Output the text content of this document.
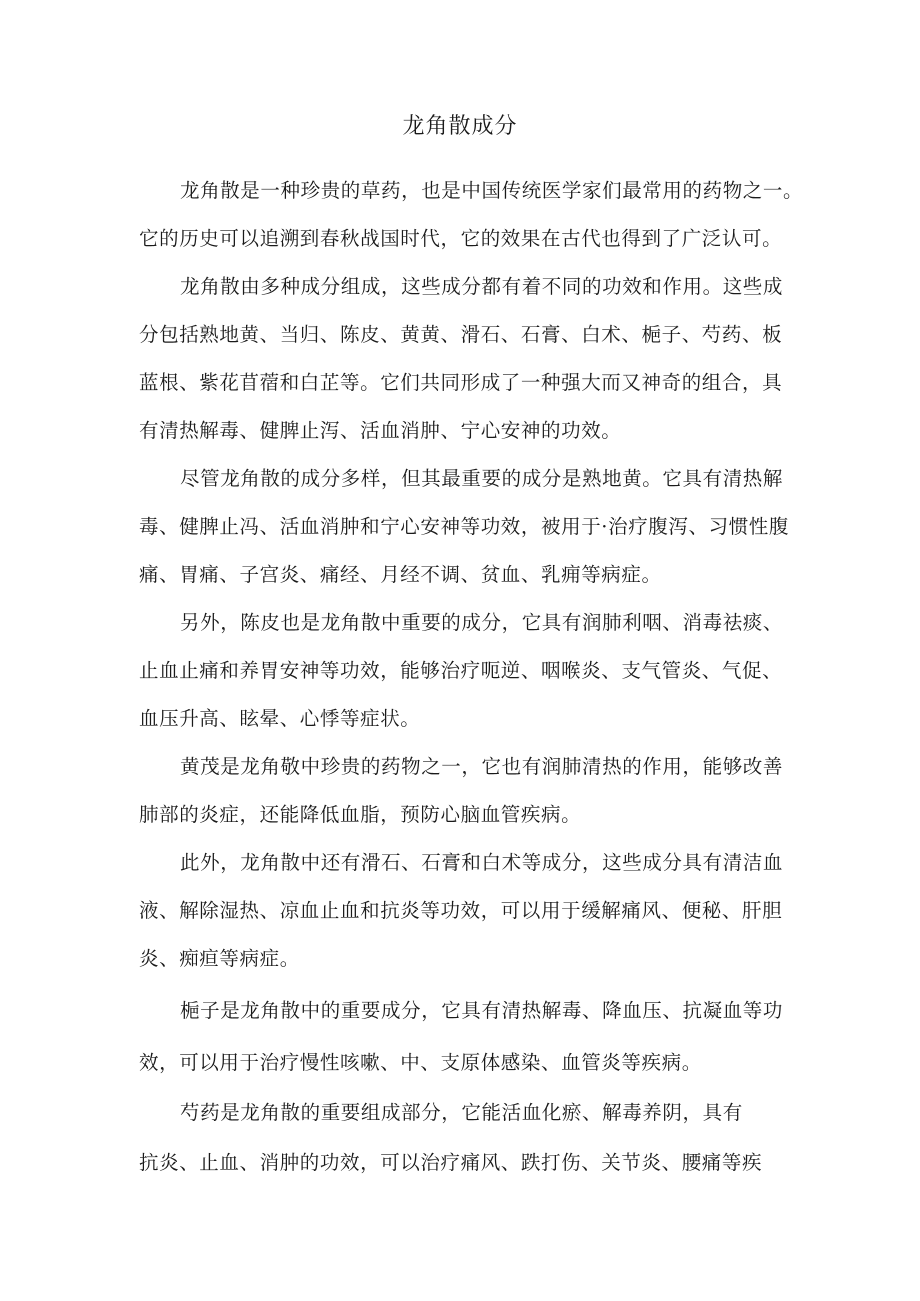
龙角散成分
龙角散是一种珍贵的草药，也是中国传统医学家们最常用的药物之一。
它的历史可以追溯到春秋战国时代，它的效果在古代也得到了广泛认可。
龙角散由多种成分组成，这些成分都有着不同的功效和作用。这些成
分包括熟地黄、当归、陈皮、黄黄、滑石、石膏、白术、梔子、芍药、板
蓝根、紫花苜蓿和白芷等。它们共同形成了一种强大而又神奇的组合，具
有清热解毒、健脾止泻、活血消肿、宁心安神的功效。
尽管龙角散的成分多样，但其最重要的成分是熟地黄。它具有清热解
毒、健脾止冯、活血消肿和宁心安神等功效，被用于·治疗腹泻、习惯性腹
痛、胃痛、子宫炎、痛经、月经不调、贫血、乳痈等病症。
另外，陈皮也是龙角散中重要的成分，它具有润肺利咽、消毒祛痰、
止血止痛和养胃安神等功效，能够治疗呃逆、咽喉炎、支气管炎、气促、
血压升高、眩晕、心悸等症状。
黄茂是龙角敬中珍贵的药物之一，它也有润肺清热的作用，能够改善
肺部的炎症，还能降低血脂，预防心脑血管疾病。
此外，龙角散中还有滑石、石膏和白术等成分，这些成分具有清洁血
液、解除湿热、凉血止血和抗炎等功效，可以用于缓解痛风、便秘、肝胆
炎、痴疸等病症。
梔子是龙角散中的重要成分，它具有清热解毒、降血压、抗凝血等功
效，可以用于治疗慢性咳嗽、中、支原体感染、血管炎等疾病。
芍药是龙角散的重要组成部分，它能活血化瘀、解毒养阴，具有
抗炎、止血、消肿的功效，可以治疗痛风、跌打伤、关节炎、腰痛等疾
